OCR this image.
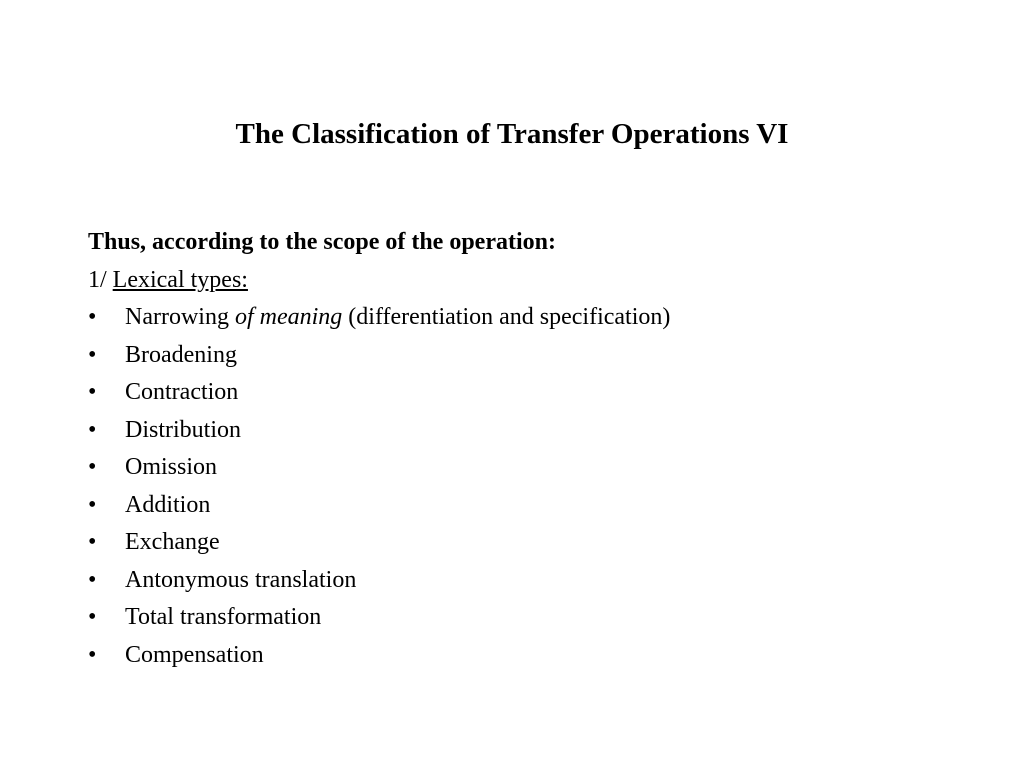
The Classification of Transfer Operations VI

Thus, according to the scope of the operation:

1/ Lexical types:

•	Narrowing of meaning (differentiation and specification)
•	Broadening
•	Contraction
•	Distribution
•	Omission
•	Addition
•	Exchange
•	Antonymous translation
•	Total transformation
•	Compensation
